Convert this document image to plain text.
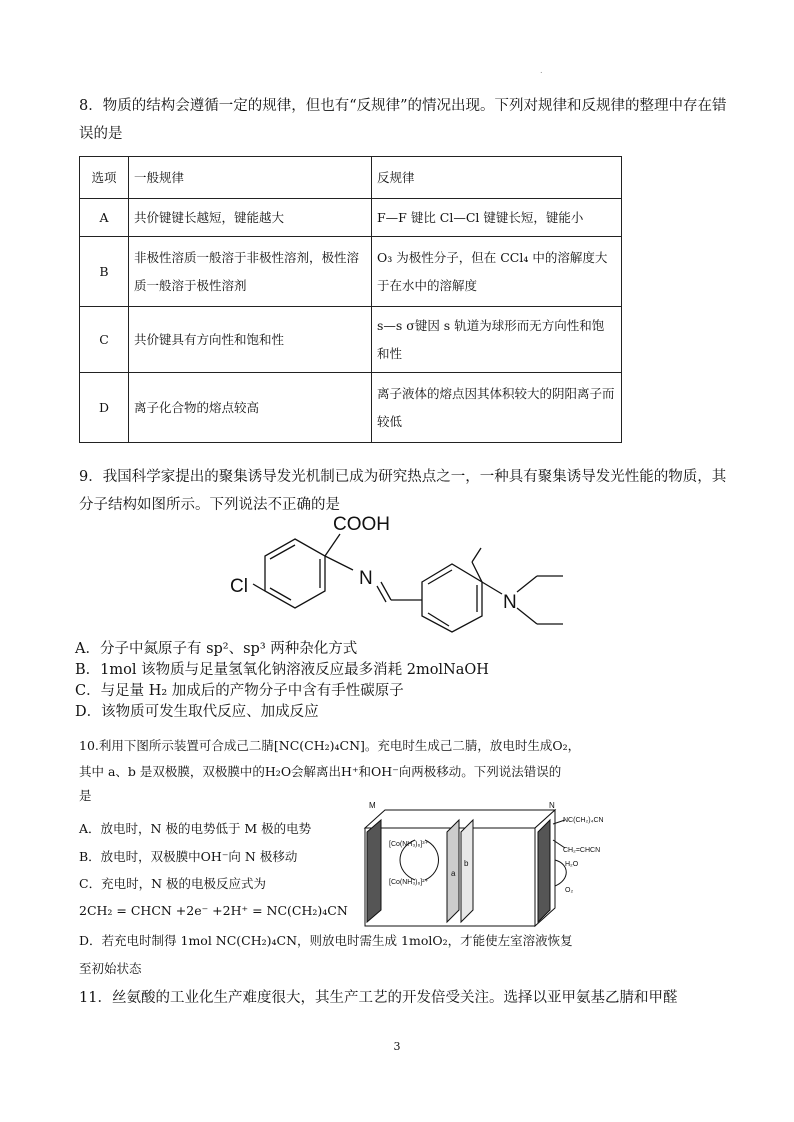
.
8．物质的结构会遵循一定的规律，但也有“反规律”的情况出现。下列对规律和反规律的整理中存在错误的是
选项	一般规律	反规律
A	共价键键长越短，键能越大	F—F 键比 Cl—Cl 键键长短，键能小
B	非极性溶质一般溶于非极性溶剂，极性溶质一般溶于极性溶剂	O₃ 为极性分子，但在 CCl₄ 中的溶解度大于在水中的溶解度
C	共价键具有方向性和饱和性	s—s σ键因 s 轨道为球形而无方向性和饱和性
D	离子化合物的熔点较高	离子液体的熔点因其体积较大的阴阳离子而较低
9．我国科学家提出的聚集诱导发光机制已成为研究热点之一，一种具有聚集诱导发光性能的物质，其分子结构如图所示。下列说法不正确的是
COOH
Cl	N
N
A．分子中氮原子有 sp²、sp³ 两种杂化方式
B．1mol 该物质与足量氢氧化钠溶液反应最多消耗 2molNaOH
C．与足量 H₂ 加成后的产物分子中含有手性碳原子
D．该物质可发生取代反应、加成反应
10.利用下图所示装置可合成己二腈[NC(CH₂)₄CN]。充电时生成己二腈，放电时生成O₂，
其中 a、b 是双极膜，双极膜中的H₂O会解离出H⁺和OH⁻向两极移动。下列说法错误的
是
A．放电时，N 极的电势低于 M 极的电势
B．放电时，双极膜中OH⁻向 N 极移动
C．充电时，N 极的电极反应式为
2CH₂ = CHCN +2e⁻ +2H⁺ = NC(CH₂)₄CN
D．若充电时制得 1mol NC(CH₂)₄CN，则放电时需生成 1molO₂，才能使左室溶液恢复
至初始状态
M	N
a
b
[Co(NH₃)₆]³⁺
[Co(NH₃)₆]²⁺
NC(CH₂)₄CN
CH₂=CHCN
H₂O
O₂
11．丝氨酸的工业化生产难度很大，其生产工艺的开发倍受关注。选择以亚甲氨基乙腈和甲醛
3
